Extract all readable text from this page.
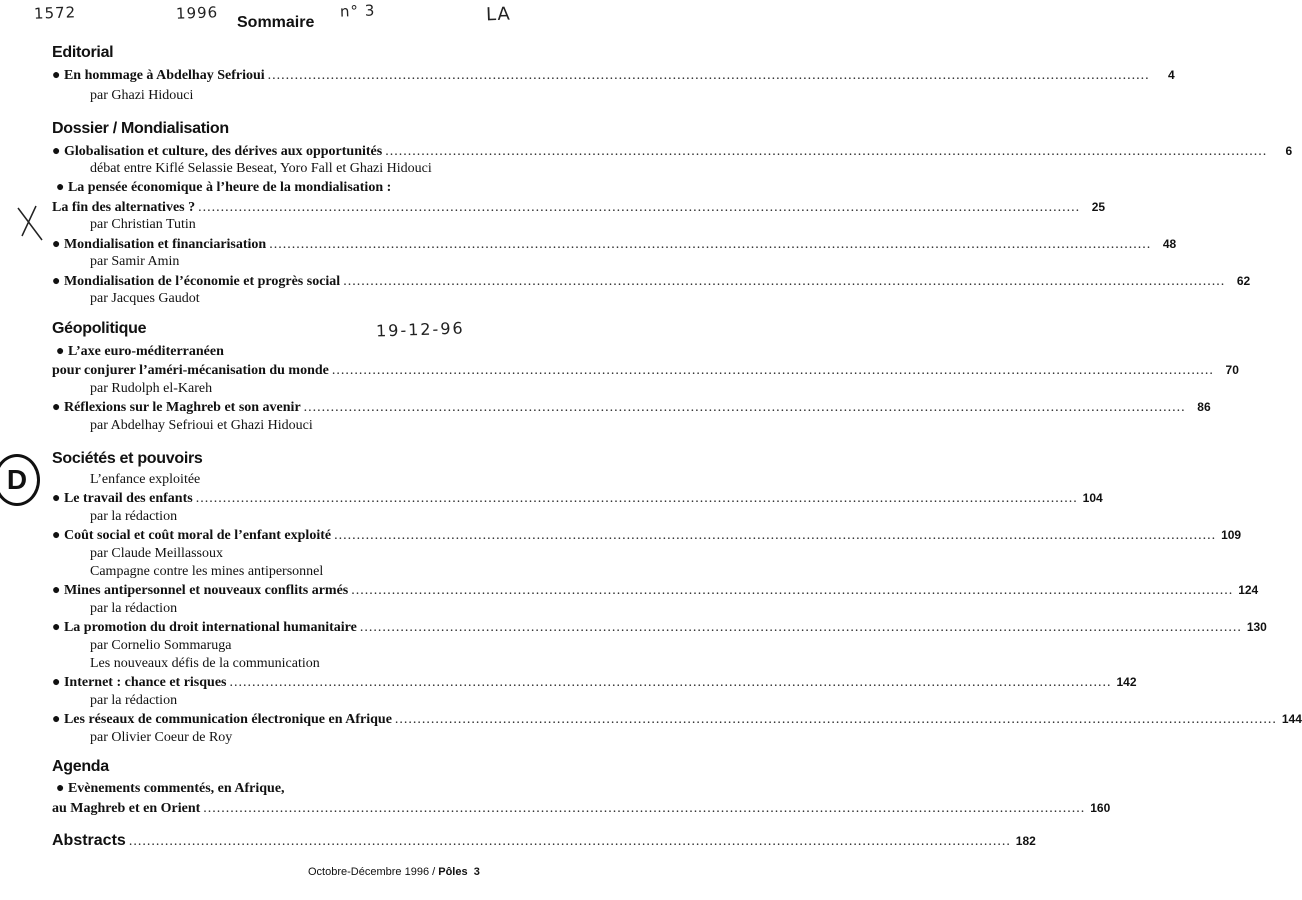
1572	1996	n° 3	LA
19-12-96
Sommaire
Editorial
● En hommage à Abdelhay Sefrioui .....	4
par Ghazi Hidouci
Dossier / Mondialisation
● Globalisation et culture, des dérives aux opportunités .....	6
débat entre Kiflé Selassie Beseat, Yoro Fall et Ghazi Hidouci
● La pensée économique à l’heure de la mondialisation :
La fin des alternatives ? .....	25
par Christian Tutin
● Mondialisation et financiarisation .....	48
par Samir Amin
● Mondialisation de l’économie et progrès social .....	62
par Jacques Gaudot
Géopolitique
● L’axe euro-méditerranéen
pour conjurer l’améri-mécanisation du monde .....	70
par Rudolph el-Kareh
● Réflexions sur le Maghreb et son avenir .....	86
par Abdelhay Sefrioui et Ghazi Hidouci
D
Sociétés et pouvoirs
L’enfance exploitée
● Le travail des enfants .....	104
par la rédaction
● Coût social et coût moral de l’enfant exploité .....	109
par Claude Meillassoux
Campagne contre les mines antipersonnel
● Mines antipersonnel et nouveaux conflits armés .....	124
par la rédaction
● La promotion du droit international humanitaire .....	130
par Cornelio Sommaruga
Les nouveaux défis de la communication
● Internet : chance et risques .....	142
par la rédaction
● Les réseaux de communication électronique en Afrique .....	144
par Olivier Coeur de Roy
Agenda
● Evènements commentés, en Afrique,
au Maghreb et en Orient .....	160
Abstracts .....	182
Octobre-Décembre 1996 / Pôles 3
